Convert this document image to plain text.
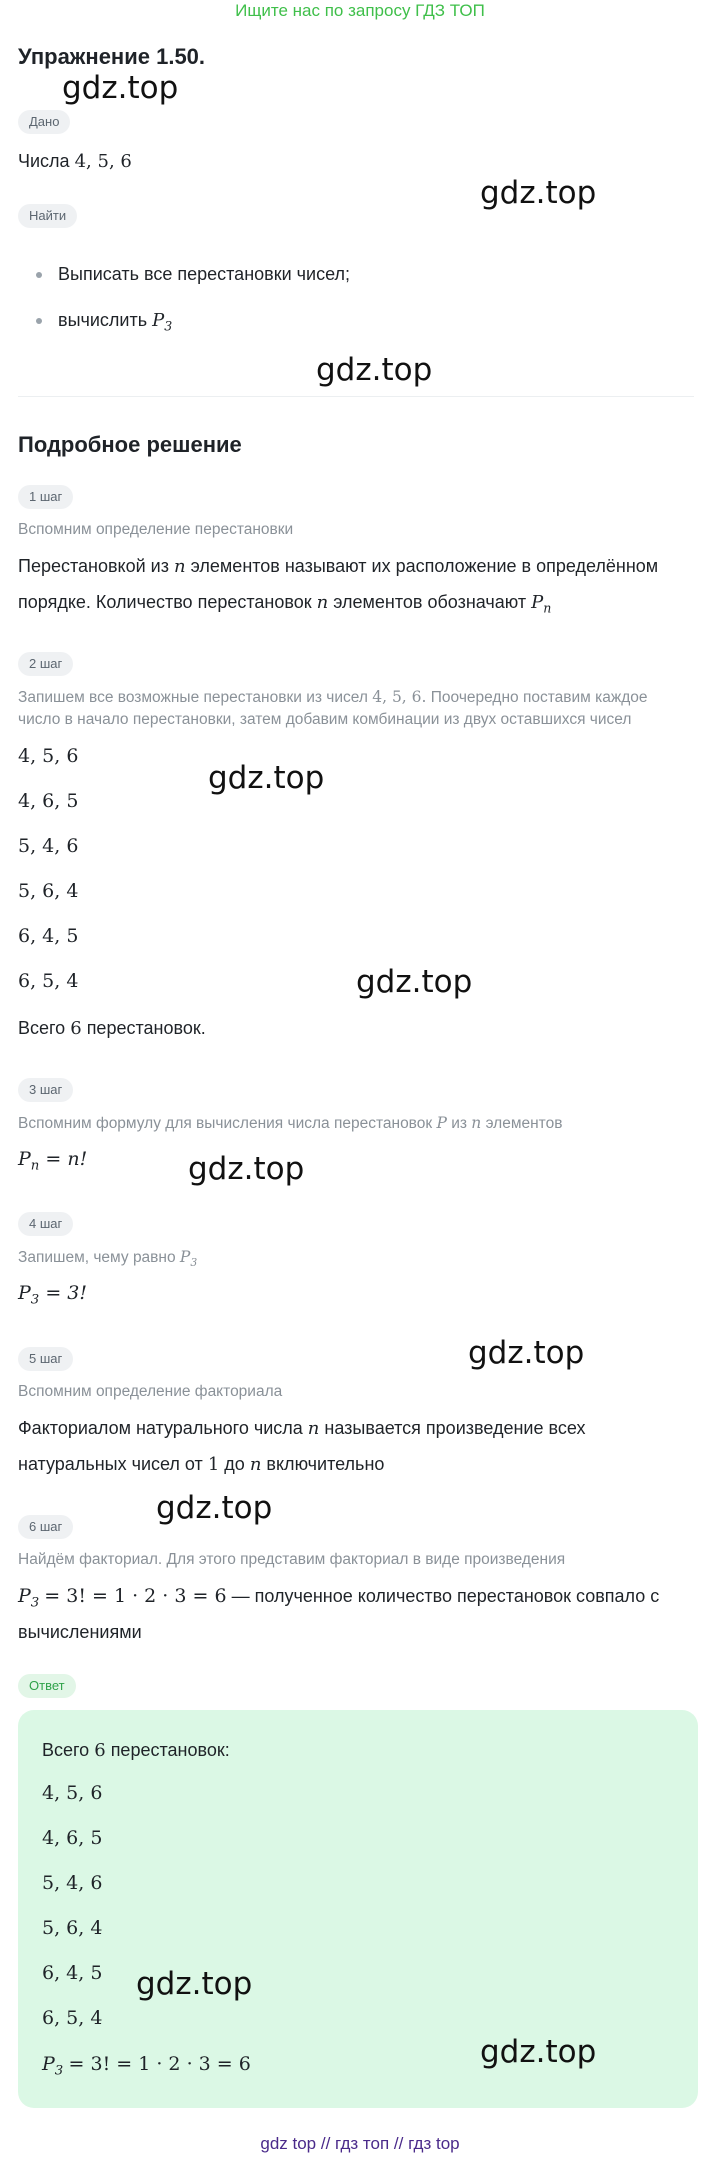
Ищите нас по запросу ГДЗ ТОП
Упражнение 1.50.
Дано
Числа 4, 5, 6
Найти
Выписать все перестановки чисел;
вычислить $P_3$
Подробное решение
1 шаг
Вспомним определение перестановки
Перестановкой из n элементов называют их расположение в определённом
порядке. Количество перестановок n элементов обозначают $P_n$
2 шаг
Запишем все возможные перестановки из чисел 4, 5, 6. Поочередно поставим каждое
число в начало перестановки, затем добавим комбинации из двух оставшихся чисел
4, 5, 6
4, 6, 5
5, 4, 6
5, 6, 4
6, 4, 5
6, 5, 4
Всего 6 перестановок.
3 шаг
Вспомним формулу для вычисления числа перестановок P из n элементов
$P_n = n$!
4 шаг
Запишем, чему равно $P_3$
$P_3 = 3$!
5 шаг
Вспомним определение факториала
Факториалом натурального числа n называется произведение всех
натуральных чисел от 1 до n включительно
6 шаг
Найдём факториал. Для этого представим факториал в виде произведения
$P_3 = 3$! = 1 · 2 · 3 = 6 — полученное количество перестановок совпало с
вычислениями
Ответ
Всего 6 перестановок:
4, 5, 6
4, 6, 5
5, 4, 6
5, 6, 4
6, 4, 5
6, 5, 4
$P_3 = 3$! = 1 · 2 · 3 = 6
gdz.top
gdz.top
gdz.top
gdz.top
gdz.top
gdz.top
gdz.top
gdz.top
gdz.top
gdz.top
gdz top // гдз топ // гдз top
